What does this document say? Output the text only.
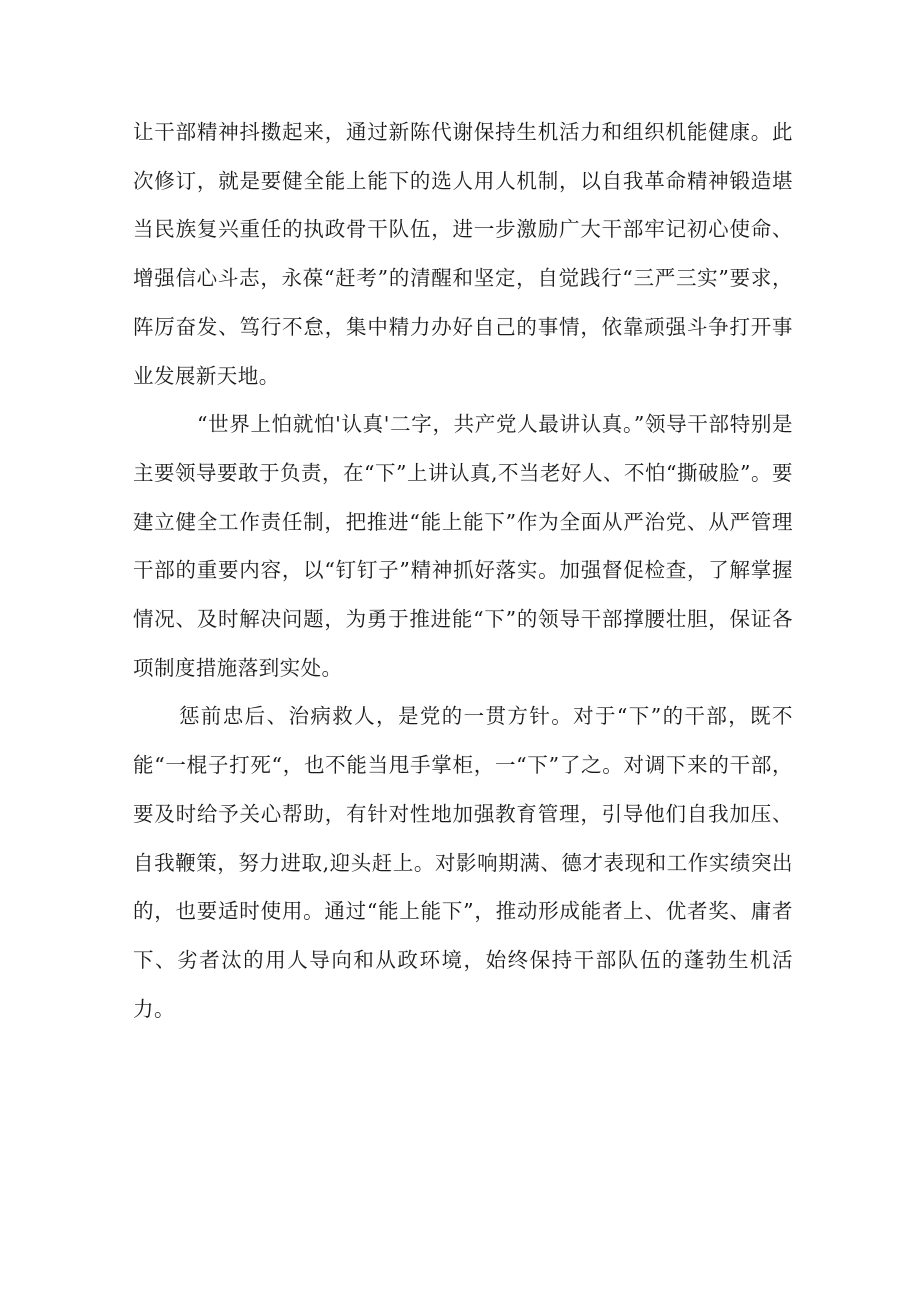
让干部精神抖擞起来，通过新陈代谢保持生机活力和组织机能健康。此次修订，就是要健全能上能下的选人用人机制，以自我革命精神锻造堪当民族复兴重任的执政骨干队伍，进一步激励广大干部牢记初心使命、增强信心斗志，永葆“赶考”的清醒和坚定，自觉践行“三严三实”要求，阵厉奋发、笃行不怠，集中精力办好自己的事情，依靠顽强斗争打开事业发展新天地。

“世界上怕就怕'认真'二字，共产党人最讲认真。”领导干部特别是主要领导要敢于负责，在“下”上讲认真,不当老好人、不怕“撕破脸”。要建立健全工作责任制，把推进“能上能下”作为全面从严治党、从严管理干部的重要内容，以“钉钉子”精神抓好落实。加强督促检查，了解掌握情况、及时解决问题，为勇于推进能“下”的领导干部撑腰壮胆，保证各项制度措施落到实处。

惩前忠后、治病救人，是党的一贯方针。对于“下”的干部，既不能“一棍子打死“，也不能当甩手掌柜，一“下”了之。对调下来的干部，要及时给予关心帮助，有针对性地加强教育管理，引导他们自我加压、自我鞭策，努力进取,迎头赶上。对影响期满、德才表现和工作实绩突出的，也要适时使用。通过“能上能下”，推动形成能者上、优者奖、庸者下、劣者汰的用人导向和从政环境，始终保持干部队伍的蓬勃生机活力。
